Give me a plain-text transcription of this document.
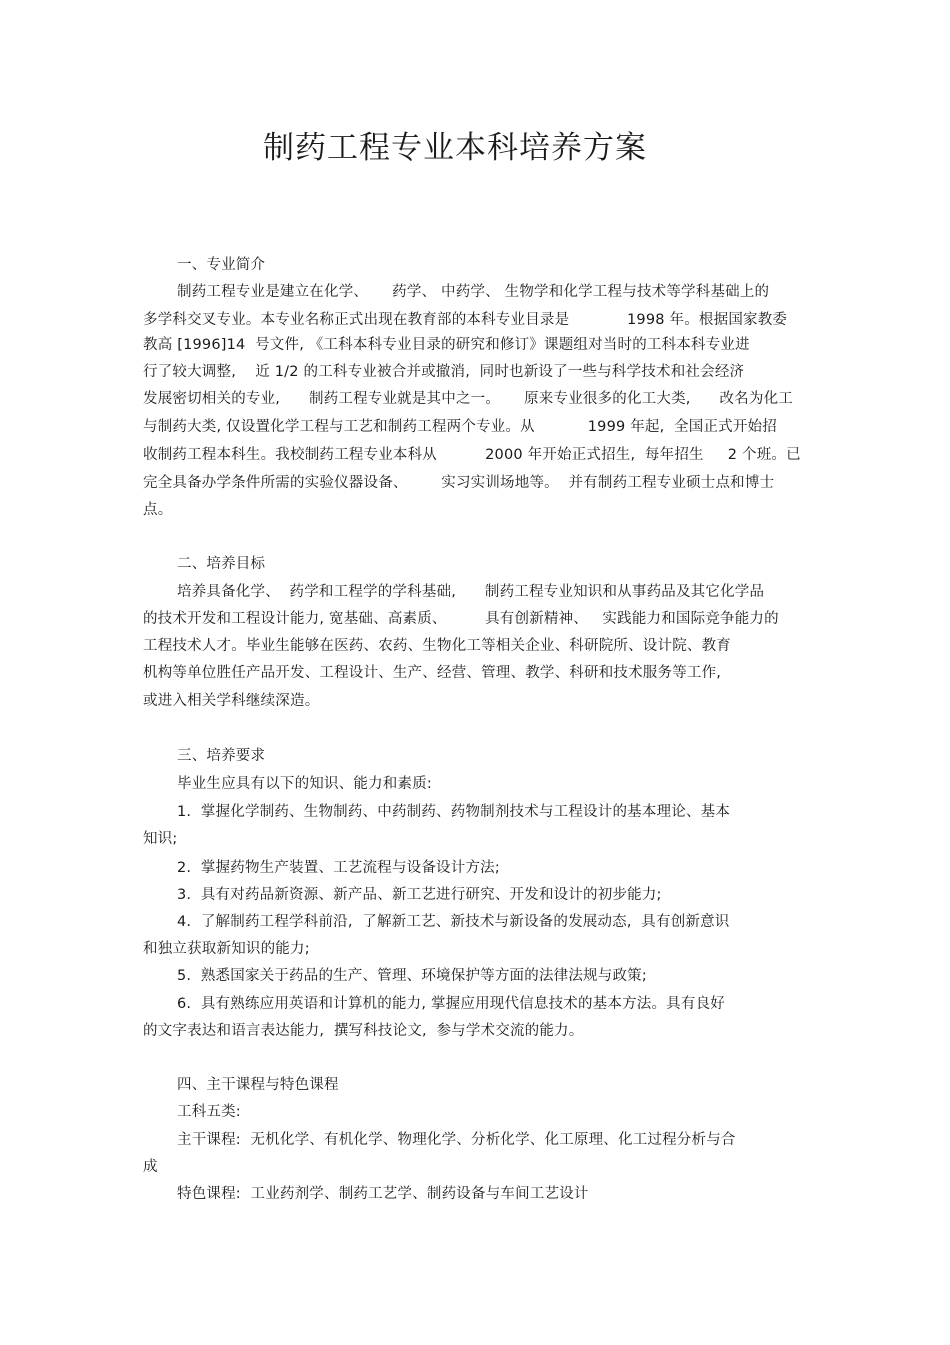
制药工程专业本科培养方案
一、专业简介
制药工程专业是建立在化学、     药学、 中药学、 生物学和化学工程与技术等学科基础上的
多学科交叉专业。本专业名称正式出现在教育部的本科专业目录是            1998 年。根据国家教委
教高 [1996]14  号文件, 《工科本科专业目录的研究和修订》课题组对当时的工科本科专业进
行了较大调整,    近 1/2 的工科专业被合并或撤消,  同时也新设了一些与科学技术和社会经济
发展密切相关的专业,      制药工程专业就是其中之一。     原来专业很多的化工大类,      改名为化工
与制药大类, 仅设置化学工程与工艺和制药工程两个专业。从           1999 年起,  全国正式开始招
收制药工程本科生。我校制药工程专业本科从          2000 年开始正式招生,  每年招生     2 个班。已
完全具备办学条件所需的实验仪器设备、       实习实训场地等。  并有制药工程专业硕士点和博士
点。
二、培养目标
培养具备化学、  药学和工程学的学科基础,      制药工程专业知识和从事药品及其它化学品
的技术开发和工程设计能力, 宽基础、高素质、        具有创新精神、   实践能力和国际竞争能力的
工程技术人才。毕业生能够在医药、农药、生物化工等相关企业、科研院所、设计院、教育
机构等单位胜任产品开发、工程设计、生产、经营、管理、教学、科研和技术服务等工作,
或进入相关学科继续深造。
三、培养要求
毕业生应具有以下的知识、能力和素质:
1.  掌握化学制药、生物制药、中药制药、药物制剂技术与工程设计的基本理论、基本
知识;
2.  掌握药物生产装置、工艺流程与设备设计方法;
3.  具有对药品新资源、新产品、新工艺进行研究、开发和设计的初步能力;
4.  了解制药工程学科前沿,  了解新工艺、新技术与新设备的发展动态,  具有创新意识
和独立获取新知识的能力;
5.  熟悉国家关于药品的生产、管理、环境保护等方面的法律法规与政策;
6.  具有熟练应用英语和计算机的能力, 掌握应用现代信息技术的基本方法。具有良好
的文字表达和语言表达能力,  撰写科技论文,  参与学术交流的能力。
四、主干课程与特色课程
工科五类:
主干课程:  无机化学、有机化学、物理化学、分析化学、化工原理、化工过程分析与合
成
特色课程:  工业药剂学、制药工艺学、制药设备与车间工艺设计
